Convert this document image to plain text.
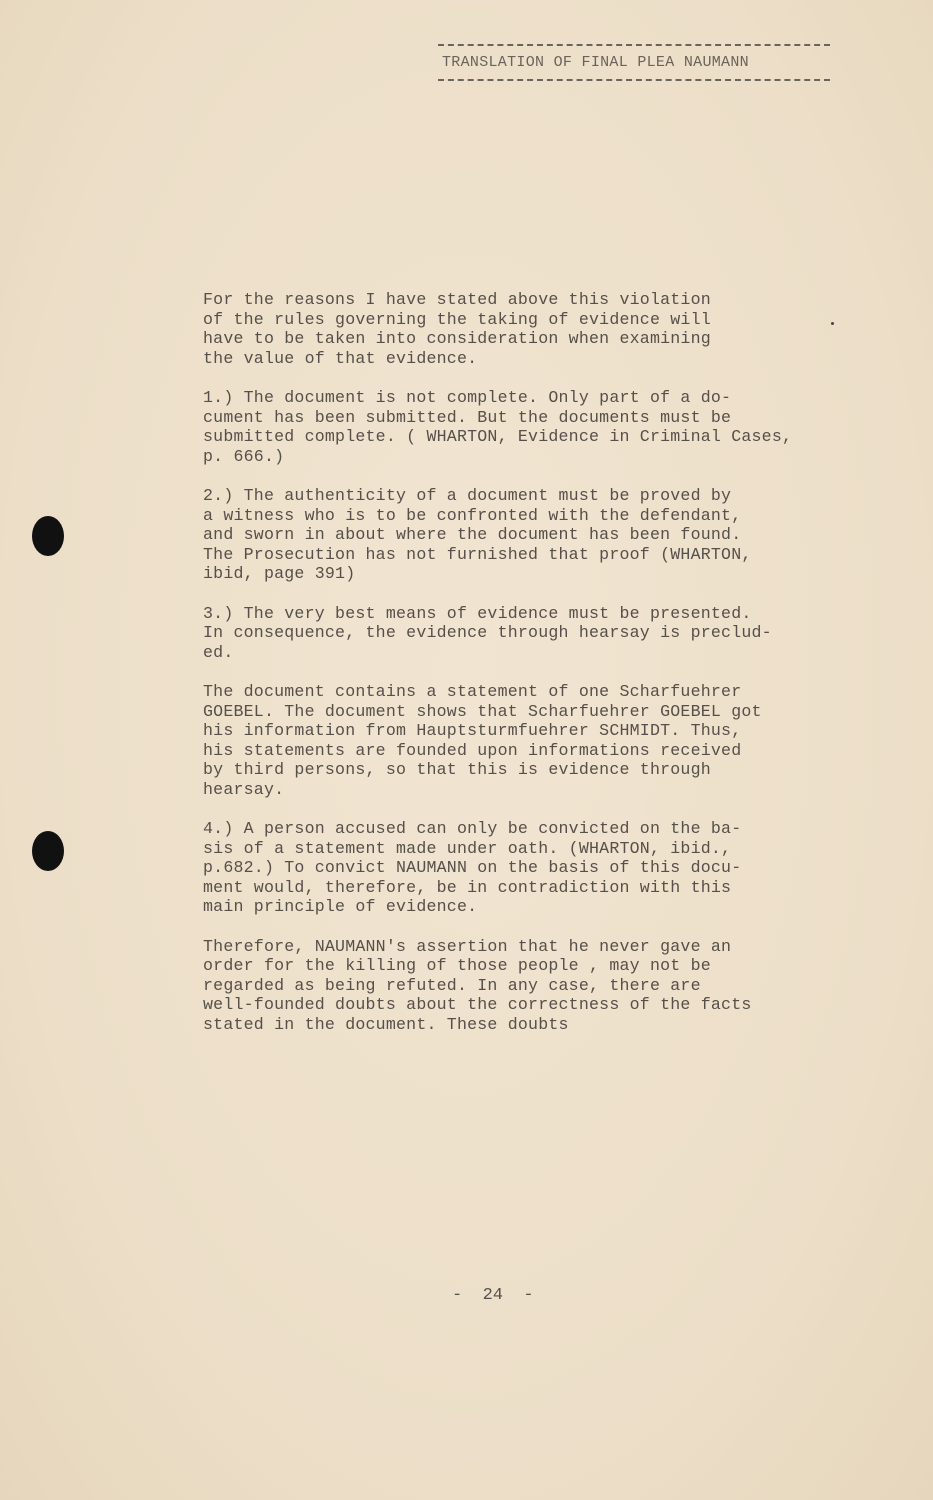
TRANSLATION OF FINAL PLEA NAUMANN
For the reasons I have stated above this violation
of the rules governing the taking of evidence will
have to be taken into consideration when examining
the value of that evidence.
1.) The document is not complete. Only part of a do-
cument has been submitted. But the documents must be
submitted complete. ( WHARTON, Evidence in Criminal Cases,
p. 666.)
2.) The authenticity of a document must be proved by
a witness who is to be confronted with the defendant,
and sworn in about where the document has been found.
The Prosecution has not furnished that proof (WHARTON,
ibid, page 391)
3.) The very best means of evidence must be presented.
In consequence, the evidence through hearsay is preclud-
ed.
The document contains a statement of one Scharfuehrer
GOEBEL. The document shows that Scharfuehrer GOEBEL got
his information from Hauptsturmfuehrer SCHMIDT. Thus,
his statements are founded upon informations received
by third persons, so that this is evidence through
hearsay.
4.) A person accused can only be convicted on the ba-
sis of a statement made under oath. (WHARTON, ibid.,
p.682.) To convict NAUMANN on the basis of this docu-
ment would, therefore, be in contradiction with this
main principle of evidence.
Therefore, NAUMANN's assertion that he never gave an
order for the killing of those people , may not be
regarded as being refuted. In any case, there are
well-founded doubts about the correctness of the facts
stated in the document. These doubts
-  24  -
